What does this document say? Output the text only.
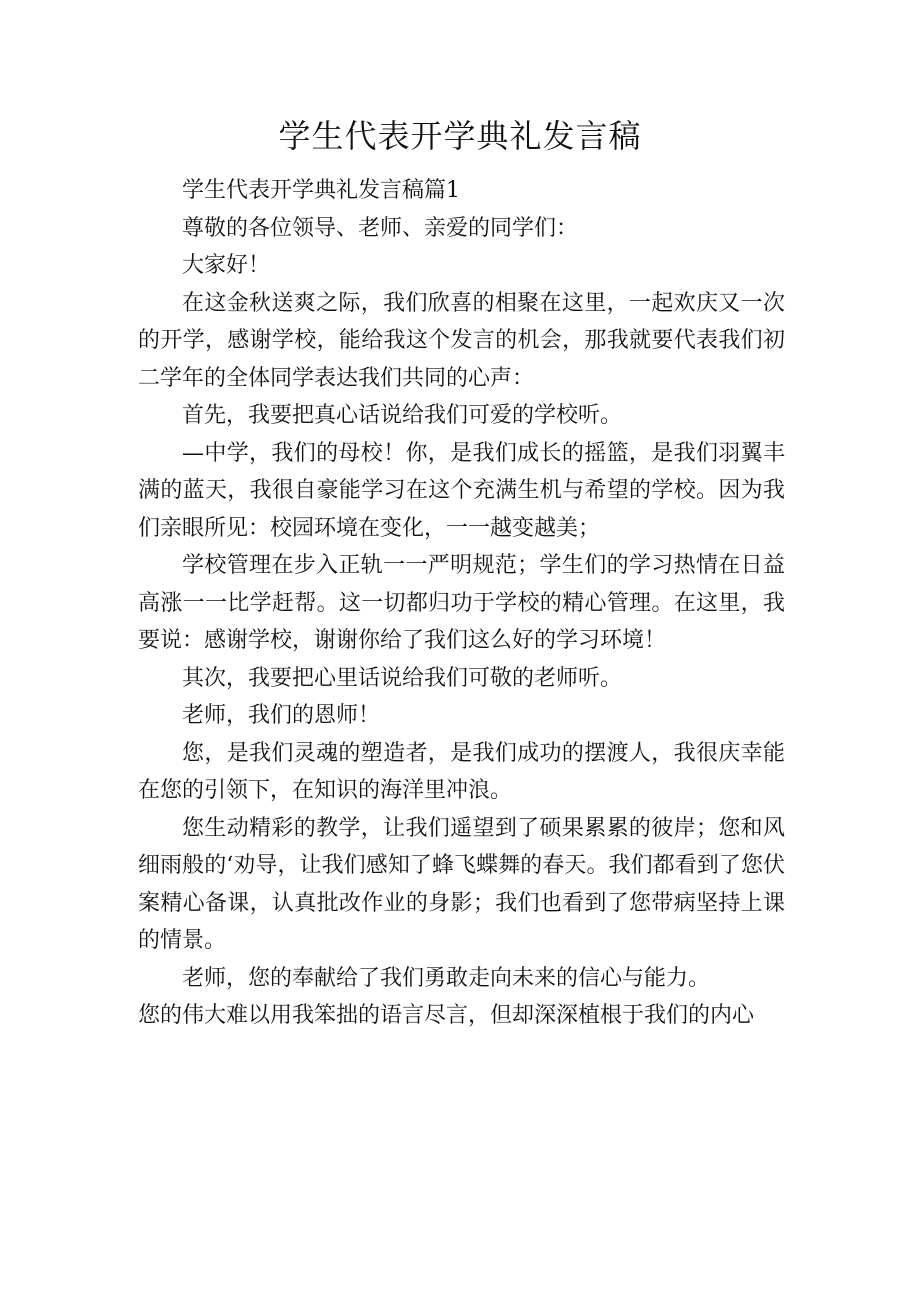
学生代表开学典礼发言稿

学生代表开学典礼发言稿篇1

尊敬的各位领导、老师、亲爱的同学们：

大家好！

在这金秋送爽之际，我们欣喜的相聚在这里，一起欢庆又一次的开学，感谢学校，能给我这个发言的机会，那我就要代表我们初二学年的全体同学表达我们共同的心声：

首先，我要把真心话说给我们可爱的学校听。

—中学，我们的母校！你，是我们成长的摇篮，是我们羽翼丰满的蓝天，我很自豪能学习在这个充满生机与希望的学校。因为我们亲眼所见：校园环境在变化，一一越变越美；

学校管理在步入正轨一一严明规范；学生们的学习热情在日益高涨一一比学赶帮。这一切都归功于学校的精心管理。在这里，我要说：感谢学校，谢谢你给了我们这么好的学习环境！

其次，我要把心里话说给我们可敬的老师听。

老师，我们的恩师！

您，是我们灵魂的塑造者，是我们成功的摆渡人，我很庆幸能在您的引领下，在知识的海洋里冲浪。

您生动精彩的教学，让我们遥望到了硕果累累的彼岸；您和风细雨般的‘劝导，让我们感知了蜂飞蝶舞的春天。我们都看到了您伏案精心备课，认真批改作业的身影；我们也看到了您带病坚持上课的情景。

老师，您的奉献给了我们勇敢走向未来的信心与能力。

您的伟大难以用我笨拙的语言尽言，但却深深植根于我们的内心
